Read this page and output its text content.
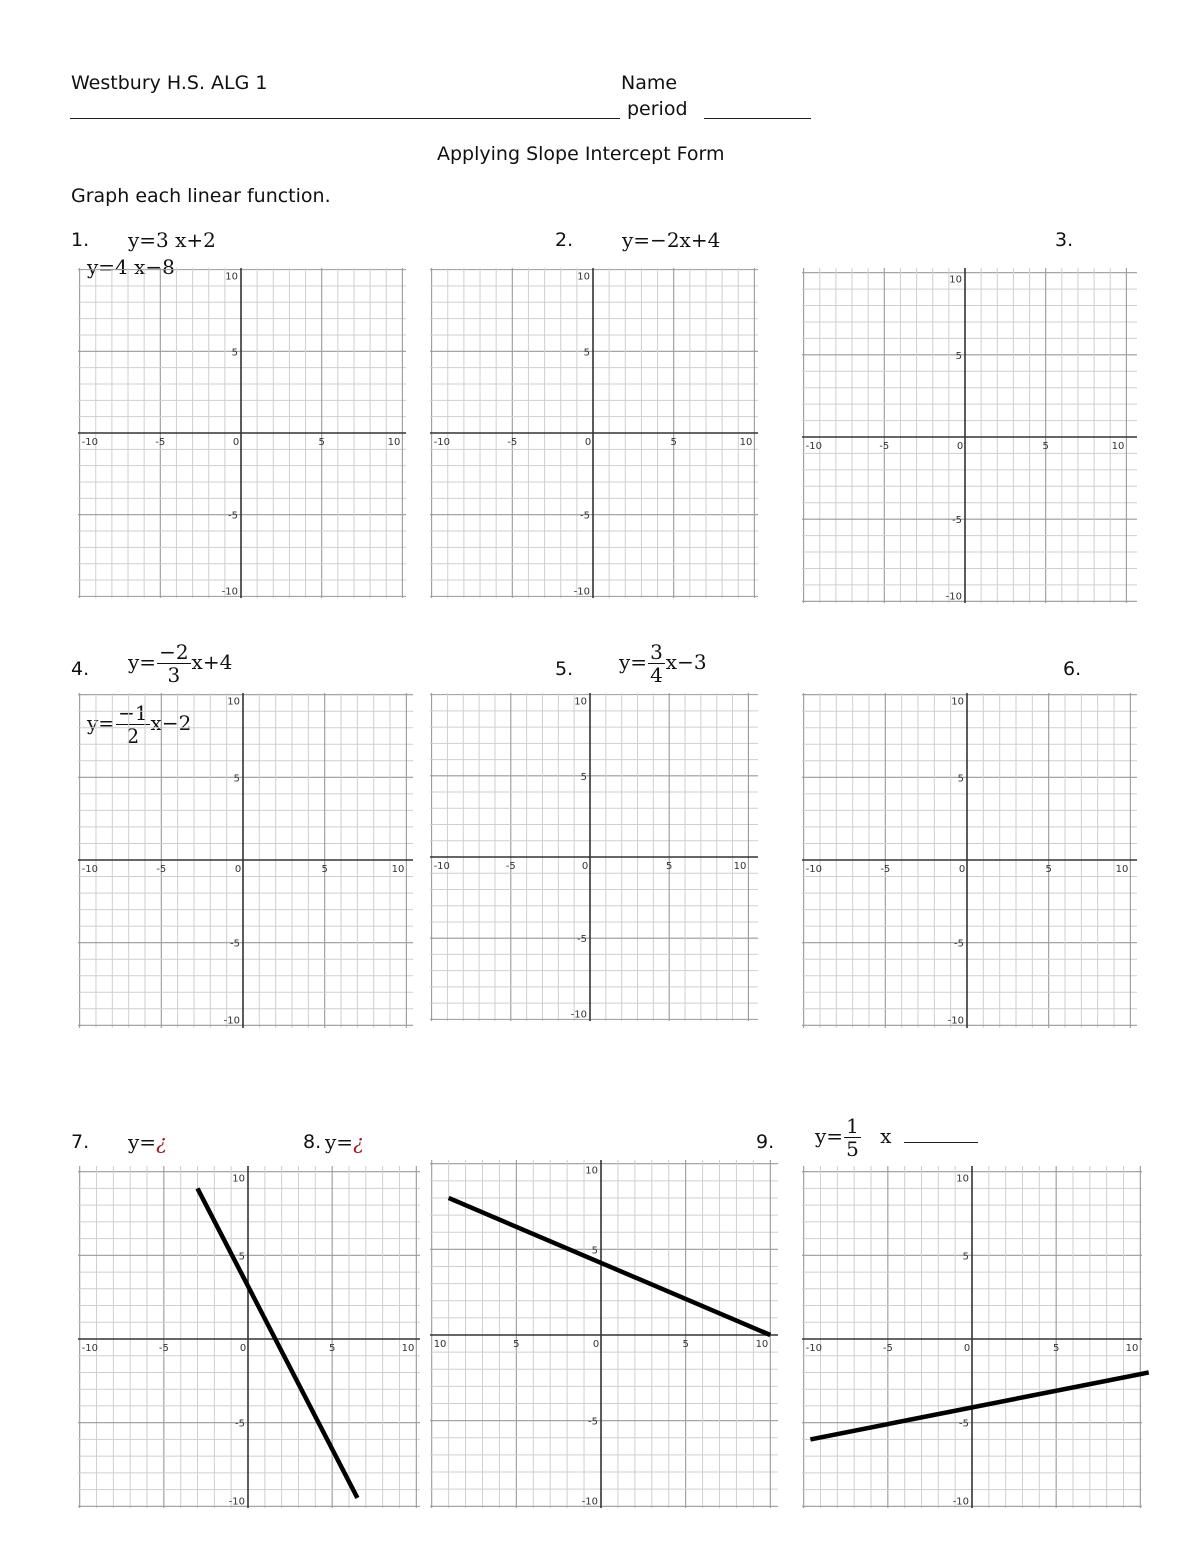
Westbury H.S. ALG 1	Name
period
Applying Slope Intercept Form
Graph each linear function.
1. y=3 x+2
y=4 x−8
2. y=−2x+4	3.
4. $y= \frac{-2}{3} x+4$
$y= \frac{-1}{2} x-2$
5. $y= \frac{3}{4} x-3$	6.
7. y=¿	8. y=¿	9. $y= \frac{1}{5}$ x
-10	-5	0	5	10
10
5
-5
-10
-10	-5	0	5	10
10
5
-5
-10
-10	-5	0	5	10
10
5
-5
-10
-10	-5	0	5	10
10
5
-5
-10
-10	-5	0	5	10
10
5
-5
-10
-10	-5	0	5	10
10
5
-5
-10
-10	-5	0	5	10
10
5
-5
-10
10	5	0	5	10
10
5
-5
-10
-10	-5	0	5	10
10
5
-5
-10
